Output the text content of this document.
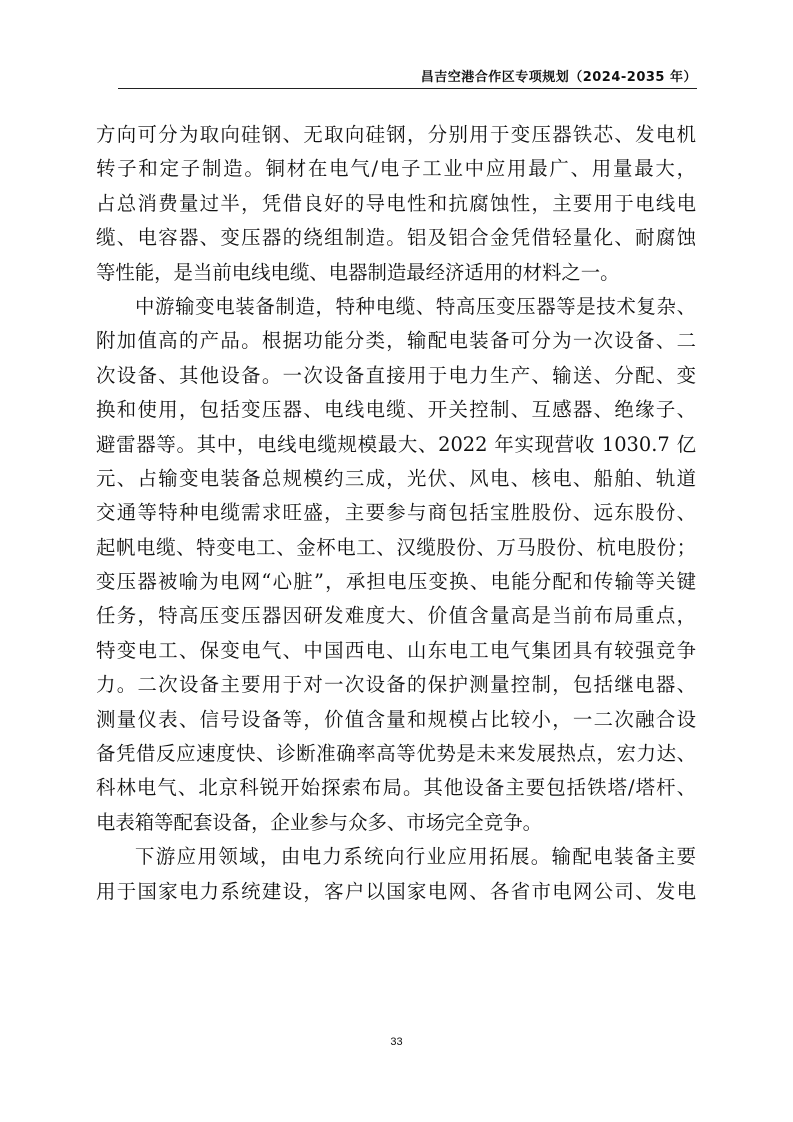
昌吉空港合作区专项规划（2024-2035 年）
方向可分为取向硅钢、无取向硅钢，分别用于变压器铁芯、发电机
转子和定子制造。铜材在电气/电子工业中应用最广、用量最大，
占总消费量过半，凭借良好的导电性和抗腐蚀性，主要用于电线电
缆、电容器、变压器的绕组制造。铝及铝合金凭借轻量化、耐腐蚀
等性能，是当前电线电缆、电器制造最经济适用的材料之一。
中游输变电装备制造，特种电缆、特高压变压器等是技术复杂、
附加值高的产品。根据功能分类，输配电装备可分为一次设备、二
次设备、其他设备。一次设备直接用于电力生产、输送、分配、变
换和使用，包括变压器、电线电缆、开关控制、互感器、绝缘子、
避雷器等。其中，电线电缆规模最大、2022 年实现营收 1030.7 亿
元、占输变电装备总规模约三成，光伏、风电、核电、船舶、轨道
交通等特种电缆需求旺盛，主要参与商包括宝胜股份、远东股份、
起帆电缆、特变电工、金杯电工、汉缆股份、万马股份、杭电股份；
变压器被喻为电网“心脏”，承担电压变换、电能分配和传输等关键
任务，特高压变压器因研发难度大、价值含量高是当前布局重点，
特变电工、保变电气、中国西电、山东电工电气集团具有较强竞争
力。二次设备主要用于对一次设备的保护测量控制，包括继电器、
测量仪表、信号设备等，价值含量和规模占比较小，一二次融合设
备凭借反应速度快、诊断准确率高等优势是未来发展热点，宏力达、
科林电气、北京科锐开始探索布局。其他设备主要包括铁塔/塔杆、
电表箱等配套设备，企业参与众多、市场完全竞争。
下游应用领域，由电力系统向行业应用拓展。输配电装备主要
用于国家电力系统建设，客户以国家电网、各省市电网公司、发电
33
